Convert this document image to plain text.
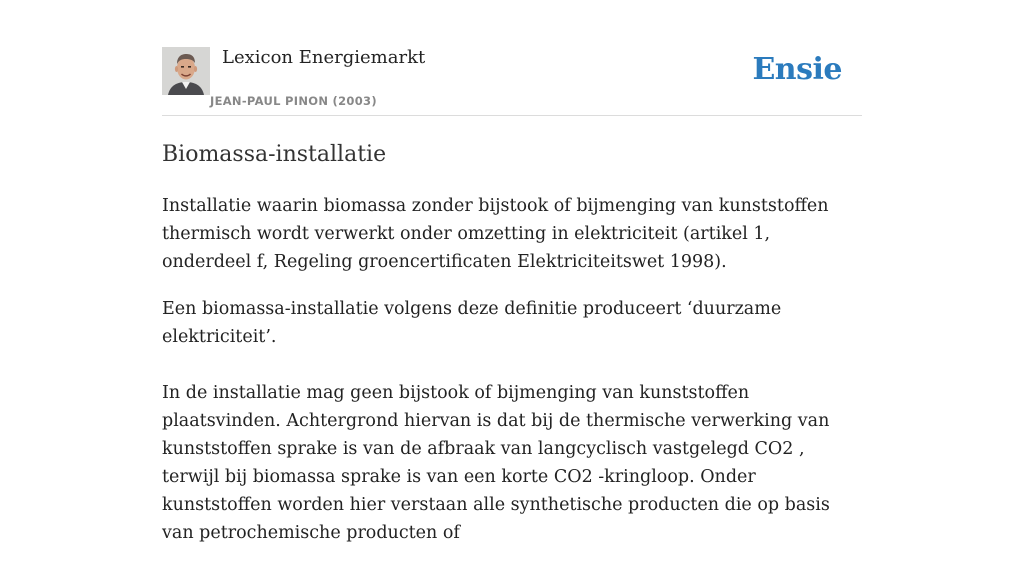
Lexicon Energiemarkt
JEAN-PAUL PINON (2003)
Ensie
Biomassa-installatie

Installatie waarin biomassa zonder bijstook of bijmenging van kunststoffen thermisch wordt verwerkt onder omzetting in elektriciteit (artikel 1, onderdeel f, Regeling groencertificaten Elektriciteitswet 1998).

Een biomassa-installatie volgens deze definitie produceert ‘duurzame elektriciteit’.

In de installatie mag geen bijstook of bijmenging van kunststoffen plaatsvinden. Achtergrond hiervan is dat bij de thermische verwerking van kunststoffen sprake is van de afbraak van langcyclisch vastgelegd CO2 , terwijl bij biomassa sprake is van een korte CO2 -kringloop. Onder kunststoffen worden hier verstaan alle synthetische producten die op basis van petrochemische producten of
